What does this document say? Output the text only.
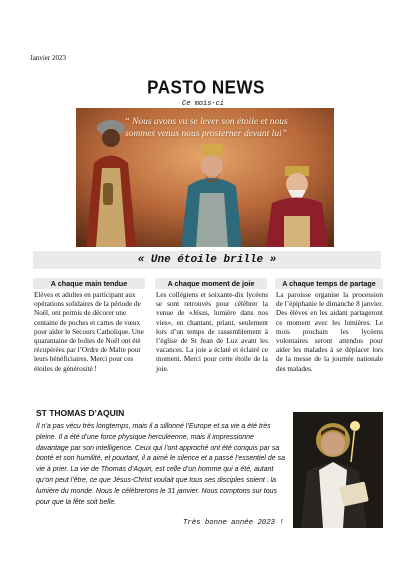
Janvier 2023
PASTO NEWS
Ce mois-ci
“ Nous avons vu se lever son étoile et nous
sommes venus nous prosterner devant lui”
« Une étoile brille »
A chaque main tendue	A chaque moment de joie	A chaque temps de partage
Elèves et adultes en participant aux opérations solidaires de la période de Noël, ont permis de décorer une centaine de poches et cartes de vœux pour aider le Secours Catholique. Une quarantaine de boîtes de Noël ont été récupérées par l’Ordre de Malte pour leurs bénéficiaires. Merci pour ces étoiles de générosité !
Les collégiens et soixante-dix lycéens se sont retrouvés pour célébrer la venue de «Jésus, lumière dans nos vies», en chantant, priant, seulement lors d’un temps de rassemblement à l’église de St Jean de Luz avant les vacances. La joie a éclaté et éclairé ce moment. Merci pour cette étoile de la joie.
La paroisse organise la procession de l’épiphanie le dimanche 8 janvier. Des élèves en les aidant partageront ce moment avec les lumières. Le mois prochain les lycéens volontaires seront attendus pour aider les malades à se déplacer lors de la messe de la journée nationale des malades.
ST THOMAS D’AQUIN
Il n’a pas vécu très longtemps, mais il a sillonné l’Europe et sa vie a été très pleine. Il a été d’une force physique herculéenne, mais il impressionne davantage par son intelligence. Ceux qui l’ont approché ont été conquis par sa bonté et son humilité, et pourtant, il a aimé le silence et a passé l’essentiel de sa vie à prier. La vie de Thomas d’Aquin, est celle d’un homme qui a été, autant qu’on peut l’être, ce que Jésus-Christ voulait que tous ses disciples soient : la lumière du monde. Nous le célébrerons le 31 janvier. Nous comptons sur tous pour que la fête soit belle.
Très bonne année 2023 !
